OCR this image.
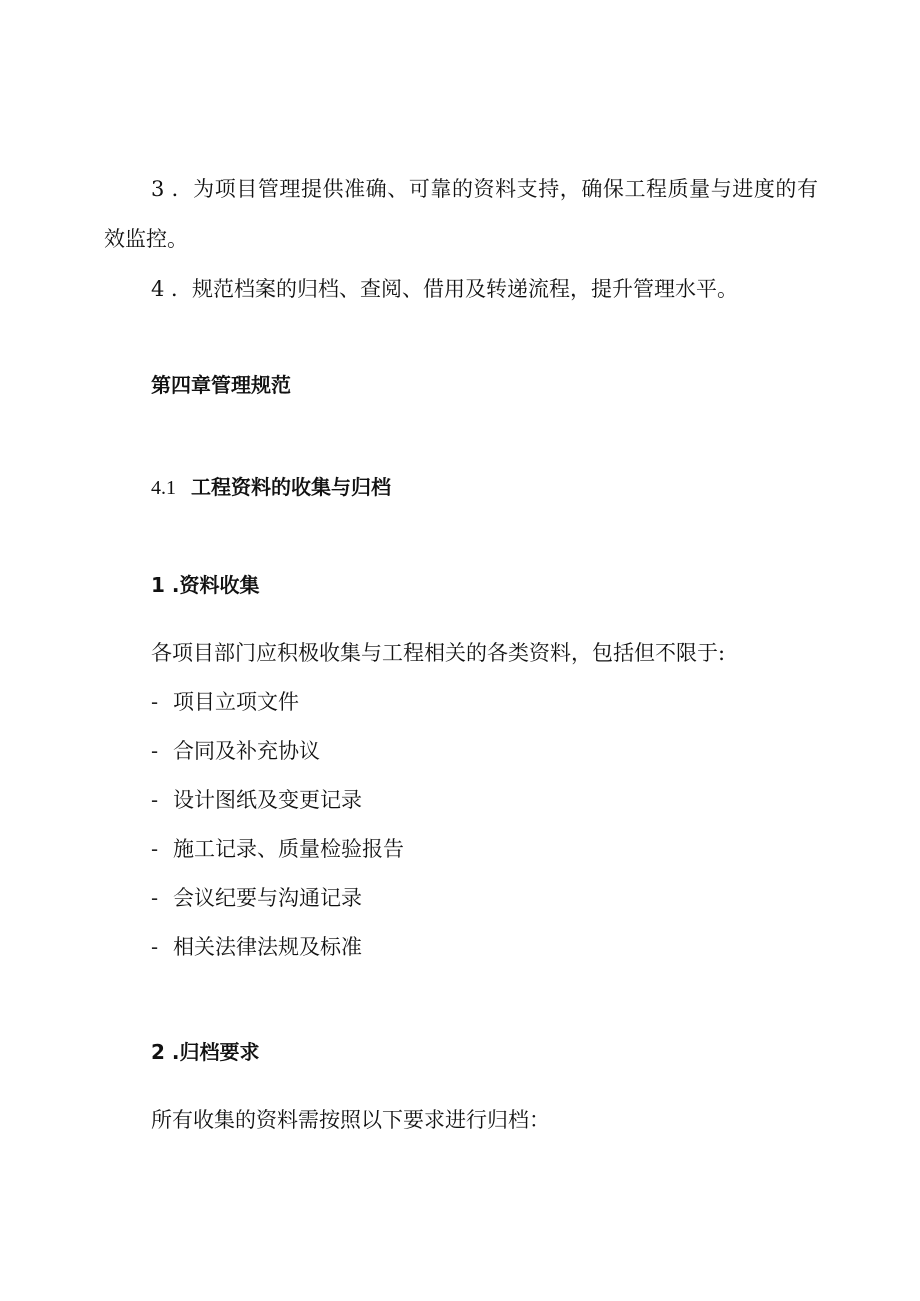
3 ．为项目管理提供准确、可靠的资料支持，确保工程质量与进度的有效监控。

4 ．规范档案的归档、查阅、借用及转递流程，提升管理水平。

第四章管理规范
4.1 工程资料的收集与归档
1 .资料收集
各项目部门应积极收集与工程相关的各类资料，包括但不限于:
- 项目立项文件
- 合同及补充协议
- 设计图纸及变更记录
- 施工记录、质量检验报告
- 会议纪要与沟通记录
- 相关法律法规及标准
2 .归档要求
所有收集的资料需按照以下要求进行归档：
